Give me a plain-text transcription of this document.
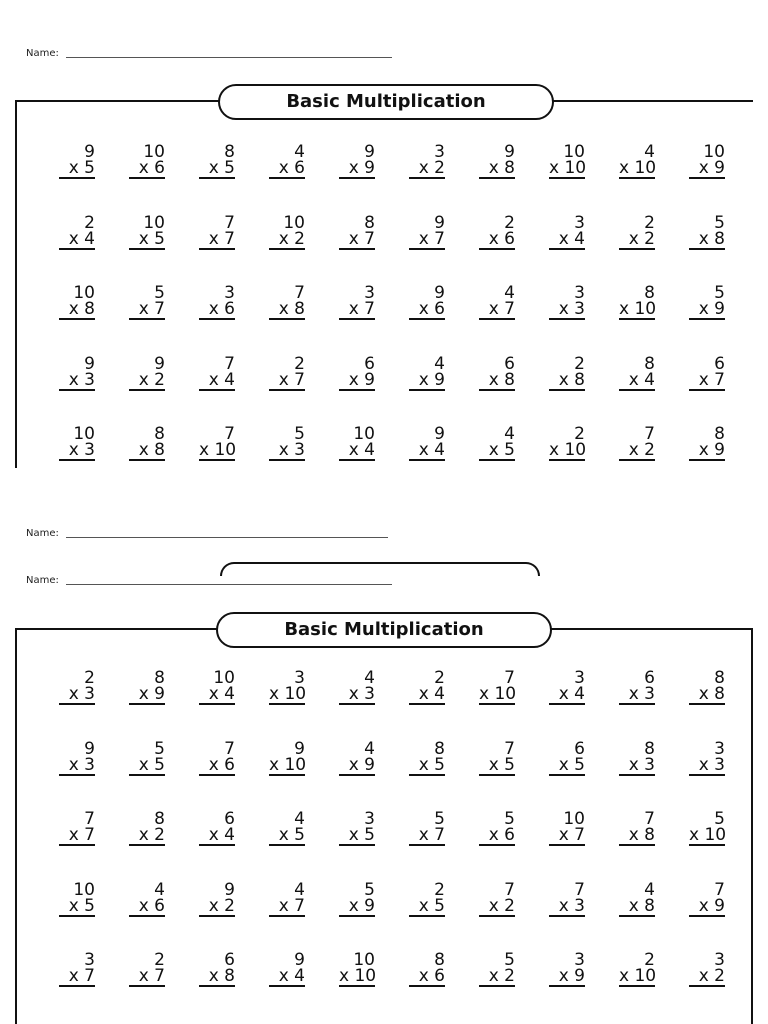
Name:
Basic Multiplication
9
x 5
10
x 6
8
x 5
4
x 6
9
x 9
3
x 2
9
x 8
10
x 10
4
x 10
10
x 9
2
x 4
10
x 5
7
x 7
10
x 2
8
x 7
9
x 7
2
x 6
3
x 4
2
x 2
5
x 8
10
x 8
5
x 7
3
x 6
7
x 8
3
x 7
9
x 6
4
x 7
3
x 3
8
x 10
5
x 9
9
x 3
9
x 2
7
x 4
2
x 7
6
x 9
4
x 9
6
x 8
2
x 8
8
x 4
6
x 7
10
x 3
8
x 8
7
x 10
5
x 3
10
x 4
9
x 4
4
x 5
2
x 10
7
x 2
8
x 9
Name:
Name:
Basic Multiplication
2
x 3
8
x 9
10
x 4
3
x 10
4
x 3
2
x 4
7
x 10
3
x 4
6
x 3
8
x 8
9
x 3
5
x 5
7
x 6
9
x 10
4
x 9
8
x 5
7
x 5
6
x 5
8
x 3
3
x 3
7
x 7
8
x 2
6
x 4
4
x 5
3
x 5
5
x 7
5
x 6
10
x 7
7
x 8
5
x 10
10
x 5
4
x 6
9
x 2
4
x 7
5
x 9
2
x 5
7
x 2
7
x 3
4
x 8
7
x 9
3
x 7
2
x 7
6
x 8
9
x 4
10
x 10
8
x 6
5
x 2
3
x 9
2
x 10
3
x 2
